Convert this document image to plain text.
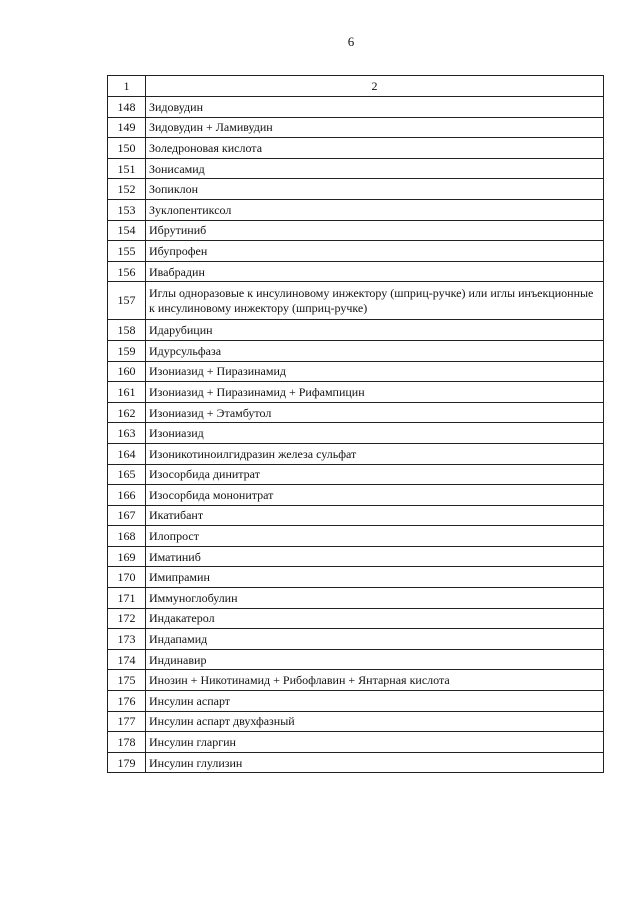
6
1	2
148	Зидовудин
149	Зидовудин + Ламивудин
150	Золедроновая кислота
151	Зонисамид
152	Зопиклон
153	Зуклопентиксол
154	Ибрутиниб
155	Ибупрофен
156	Ивабрадин
157	Иглы одноразовые к инсулиновому инжектору (шприц-ручке) или иглы инъекционные к инсулиновому инжектору (шприц-ручке)
158	Идарубицин
159	Идурсульфаза
160	Изониазид + Пиразинамид
161	Изониазид + Пиразинамид + Рифампицин
162	Изониазид + Этамбутол
163	Изониазид
164	Изоникотиноилгидразин железа сульфат
165	Изосорбида динитрат
166	Изосорбида мононитрат
167	Икатибант
168	Илопрост
169	Иматиниб
170	Имипрамин
171	Иммуноглобулин
172	Индакатерол
173	Индапамид
174	Индинавир
175	Инозин + Никотинамид + Рибофлавин + Янтарная кислота
176	Инсулин аспарт
177	Инсулин аспарт двухфазный
178	Инсулин гларгин
179	Инсулин глулизин
